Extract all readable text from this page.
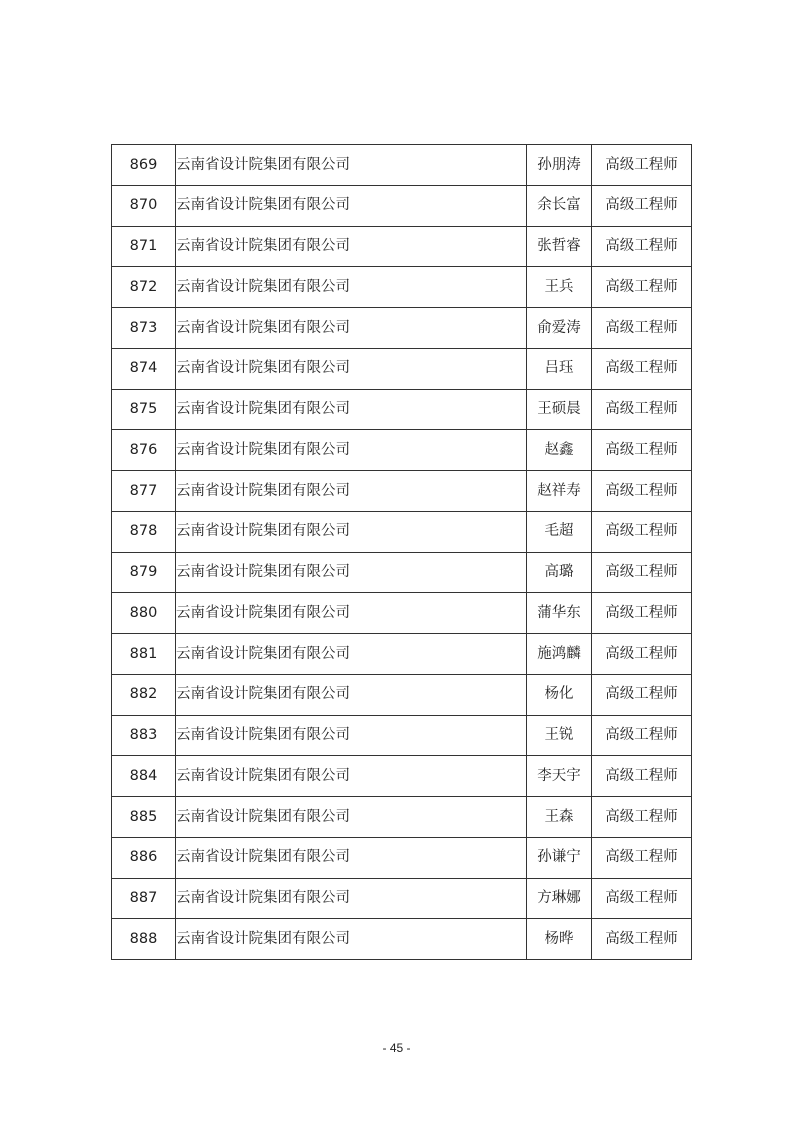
869	云南省设计院集团有限公司	孙朋涛	高级工程师
870	云南省设计院集团有限公司	余长富	高级工程师
871	云南省设计院集团有限公司	张哲睿	高级工程师
872	云南省设计院集团有限公司	王兵	高级工程师
873	云南省设计院集团有限公司	俞爱涛	高级工程师
874	云南省设计院集团有限公司	吕珏	高级工程师
875	云南省设计院集团有限公司	王硕晨	高级工程师
876	云南省设计院集团有限公司	赵鑫	高级工程师
877	云南省设计院集团有限公司	赵祥寿	高级工程师
878	云南省设计院集团有限公司	毛超	高级工程师
879	云南省设计院集团有限公司	高璐	高级工程师
880	云南省设计院集团有限公司	蒲华东	高级工程师
881	云南省设计院集团有限公司	施鸿麟	高级工程师
882	云南省设计院集团有限公司	杨化	高级工程师
883	云南省设计院集团有限公司	王锐	高级工程师
884	云南省设计院集团有限公司	李天宇	高级工程师
885	云南省设计院集团有限公司	王森	高级工程师
886	云南省设计院集团有限公司	孙谦宁	高级工程师
887	云南省设计院集团有限公司	方琳娜	高级工程师
888	云南省设计院集团有限公司	杨晔	高级工程师
- 45 -
